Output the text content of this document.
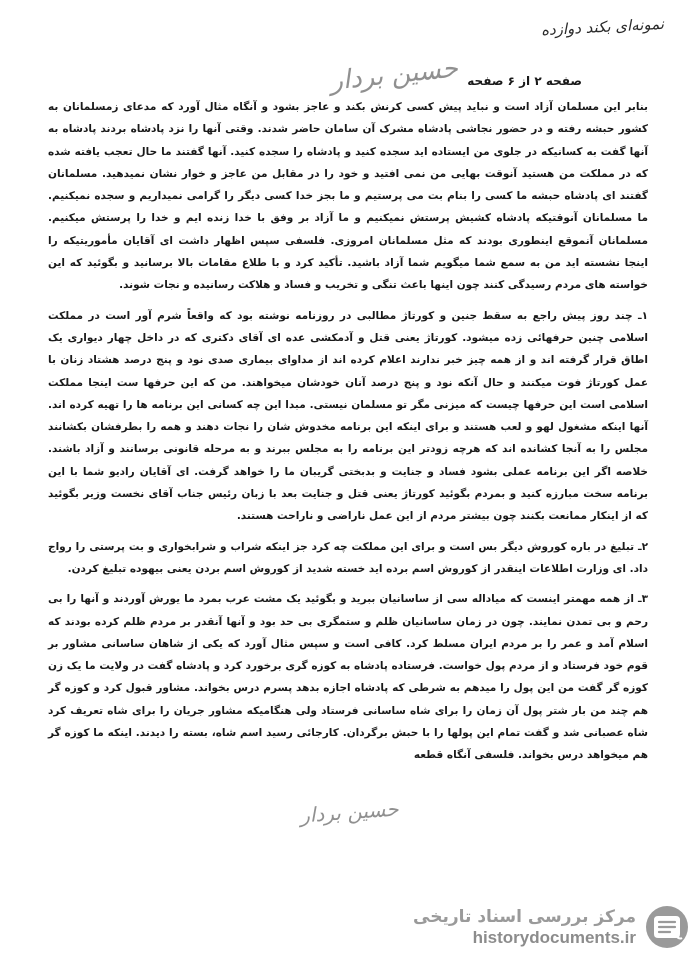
نمونه‌ای بکند دوازده
حسین بردار صفحه ۲ از ۶ صفحه

بنابر این مسلمان آزاد است و نباید پیش کسی کرنش بکند و عاجز بشود و آنگاه مثال آورد که مدعای زمسلمانان به کشور حبشه رفته و در حضور نجاشی پادشاه مشرک آن سامان حاضر شدند. وقتی آنها را نزد پادشاه بردند پادشاه به آنها گفت به کسانیکه در جلوی من ایستاده اید سجده کنید و پادشاه را سجده کنید. آنها گفتند ما حال تعجب یافته شده که در مملکت من هستید آنوقت بهایی من نمی افتید و خود را در مقابل من عاجز و خوار نشان نمیدهید. مسلمانان گفتند ای پادشاه حبشه ما کسی را بنام بت می پرستیم و ما بجز خدا کسی دیگر را گرامی نمیداریم و سجده نمیکنیم. ما مسلمانان آنوقتیکه پادشاه کشیش پرستش نمیکنیم و ما آزاد بر وفق با خدا زنده ایم و خدا را پرستش میکنیم. مسلمانان آنموقع اینطوری بودند که مثل مسلمانان امروزی. فلسفی سپس اظهار داشت ای آقایان مأموریتیکه را اینجا نشسته اید من به سمع شما میگویم شما آزاد باشید. تأکید کرد و با طلاع مقامات بالا برسانید و بگوئید که این خواسته های مردم رسیدگی کنند چون اینها باعث تنگی و تخریب و فساد و هلاکت رسانیده و نجات شوند.

۱ـ چند روز پیش راجع به سقط جنین و کورتاژ مطالبی در روزنامه نوشته بود که واقعاً شرم آور است در مملکت اسلامی چنین حرفهائی زده میشود. کورتاژ یعنی قتل و آدمکشی عده ای آقای دکتری که در داخل چهار دیواری یک اطاق قرار گرفته اند و از همه چیز خبر ندارند اعلام کرده اند از مداوای بیماری صدی نود و پنج درصد هشتاد زنان با عمل کورتاژ فوت میکنند و حال آنکه نود و پنج درصد آنان خودشان میخواهند. من که این حرفها ست اینجا مملکت اسلامی است این حرفها چیست که میزنی مگر تو مسلمان نیستی. مبدا این چه کسانی این برنامه ها را تهیه کرده اند. آنها اینکه مشغول لهو و لعب هستند و برای اینکه این برنامه مخدوش شان را نجات دهند و همه را بطرفشان بکشانند مجلس را به آنجا کشانده اند که هرچه زودتر این برنامه را به مجلس ببرند و به مرحله قانونی برسانند و آزاد باشند. خلاصه اگر این برنامه عملی بشود فساد و جنایت و بدبختی گریبان ما را خواهد گرفت. ای آقایان رادیو شما با این برنامه سخت مبارزه کنید و بمردم بگوئید کورتاژ یعنی قتل و جنایت بعد با زبان رئیس جناب آقای نخست وزیر بگوئید که از اینکار ممانعت بکنند چون بیشتر مردم از این عمل ناراضی و ناراحت هستند.

۲ـ تبلیغ در باره کوروش دیگر بس است و برای این مملکت چه کرد جز اینکه شراب و شرابخواری و بت پرستی را رواج داد. ای وزارت اطلاعات اینقدر از کوروش اسم برده اید خسته شدید از کوروش اسم بردن یعنی بیهوده تبلیغ کردن.

۳ـ از همه مهمتر اینست که میاداله سی از ساسانیان ببرید و بگوئید یک مشت عرب بمرد ما یورش آوردند و آنها را بی رحم و بی تمدن نمایند. چون در زمان ساسانیان ظلم و ستمگری بی حد بود و آنها آنقدر بر مردم ظلم کرده بودند که اسلام آمد و عمر را بر مردم ایران مسلط کرد. کافی است و سپس مثال آورد که یکی از شاهان ساسانی مشاور بر قوم خود فرستاد و از مردم پول خواست. فرستاده پادشاه به کوزه گری برخورد کرد و پادشاه گفت در ولایت ما یک زن کوزه گر گفت من این پول را میدهم به شرطی که پادشاه اجازه بدهد پسرم درس بخواند. مشاور قبول کرد و کوزه گر هم چند من بار شتر پول آن زمان را برای شاه ساسانی فرستاد ولی هنگامیکه مشاور جریان را برای شاه تعریف کرد شاه عصبانی شد و گفت تمام این پولها را با حبش برگردان. کارجائی رسید اسم شاه، بسته را دیدند. اینکه ما کوزه گر هم میخواهد درس بخواند. فلسفی آنگاه قطعه

حسین بردار
مرکز بررسی اسناد تاریخی
historydocuments.ir
